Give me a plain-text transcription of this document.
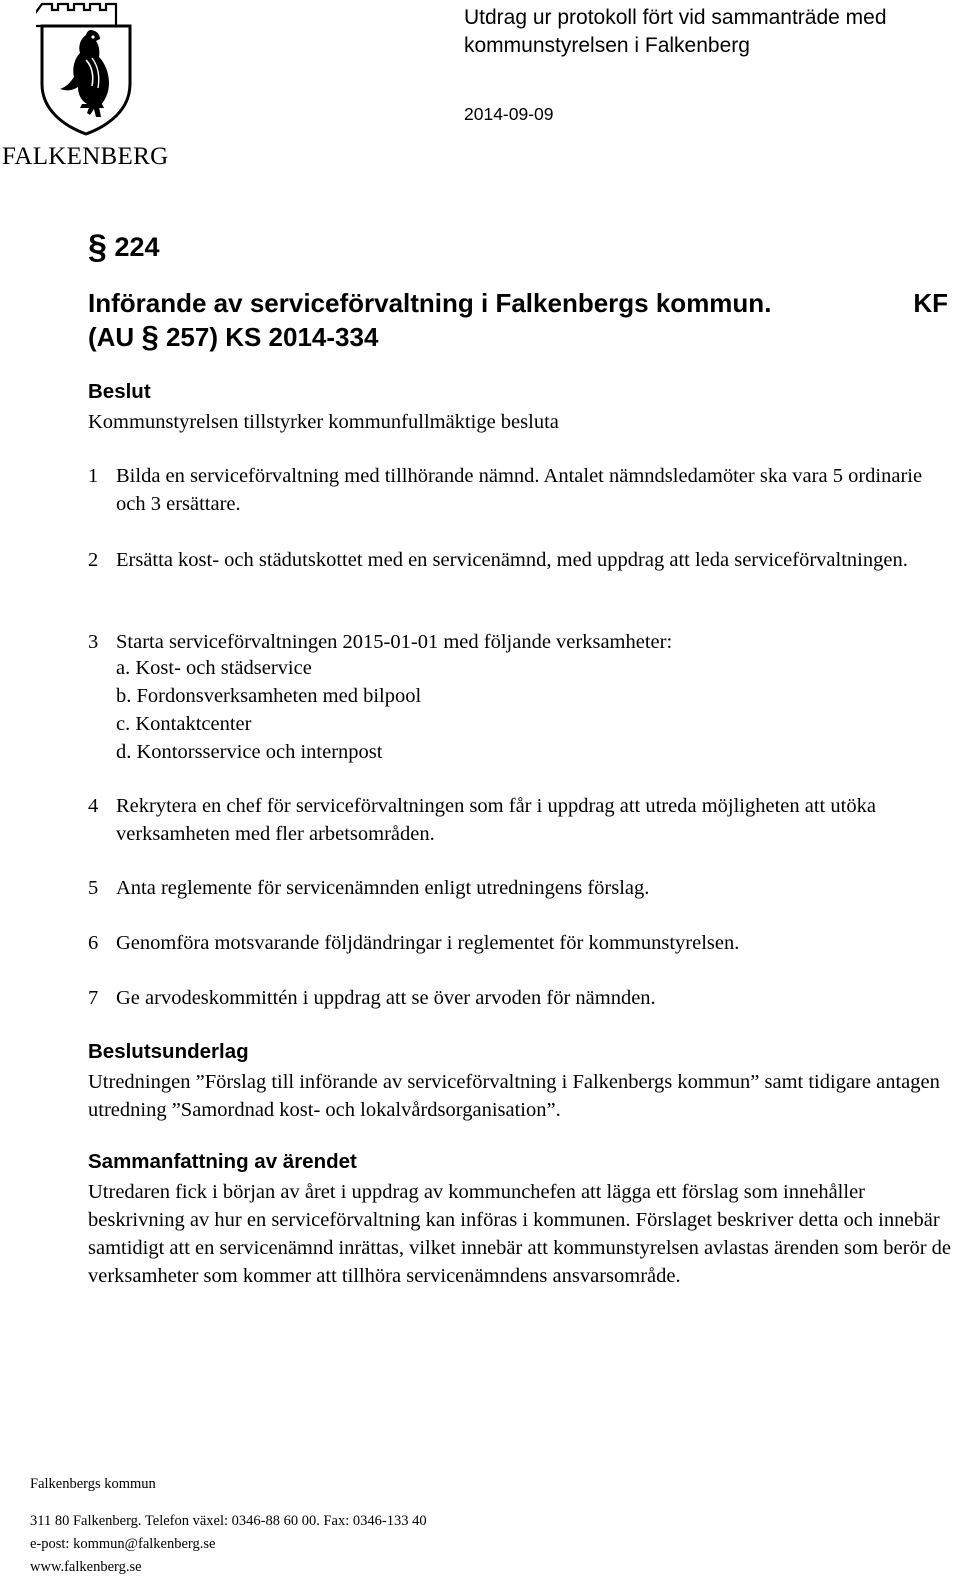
FALKENBERG
Utdrag ur protokoll fört vid sammanträde med kommunstyrelsen i Falkenberg
2014-09-09
§ 224
Införande av serviceförvaltning i Falkenbergs kommun.
(AU § 257) KS 2014-334
KF
Beslut
Kommunstyrelsen tillstyrker kommunfullmäktige besluta
1 Bilda en serviceförvaltning med tillhörande nämnd. Antalet nämndsledamöter ska vara 5 ordinarie och 3 ersättare.
2 Ersätta kost- och städutskottet med en servicenämnd, med uppdrag att leda serviceförvaltningen.
3 Starta serviceförvaltningen 2015-01-01 med följande verksamheter:
a. Kost- och städservice
b. Fordonsverksamheten med bilpool
c. Kontaktcenter
d. Kontorsservice och internpost
4 Rekrytera en chef för serviceförvaltningen som får i uppdrag att utreda möjligheten att utöka verksamheten med fler arbetsområden.
5 Anta reglemente för servicenämnden enligt utredningens förslag.
6 Genomföra motsvarande följdändringar i reglementet för kommunstyrelsen.
7 Ge arvodeskommittén i uppdrag att se över arvoden för nämnden.
Beslutsunderlag
Utredningen ”Förslag till införande av serviceförvaltning i Falkenbergs kommun” samt tidigare antagen utredning ”Samordnad kost- och lokalvårdsorganisation”.
Sammanfattning av ärendet
Utredaren fick i början av året i uppdrag av kommunchefen att lägga ett förslag som innehåller beskrivning av hur en serviceförvaltning kan införas i kommunen. Förslaget beskriver detta och innebär samtidigt att en servicenämnd inrättas, vilket innebär att kommunstyrelsen avlastas ärenden som berör de verksamheter som kommer att tillhöra servicenämndens ansvarsområde.
Falkenbergs kommun
311 80 Falkenberg. Telefon växel: 0346-88 60 00. Fax: 0346-133 40
e-post: kommun@falkenberg.se
www.falkenberg.se
